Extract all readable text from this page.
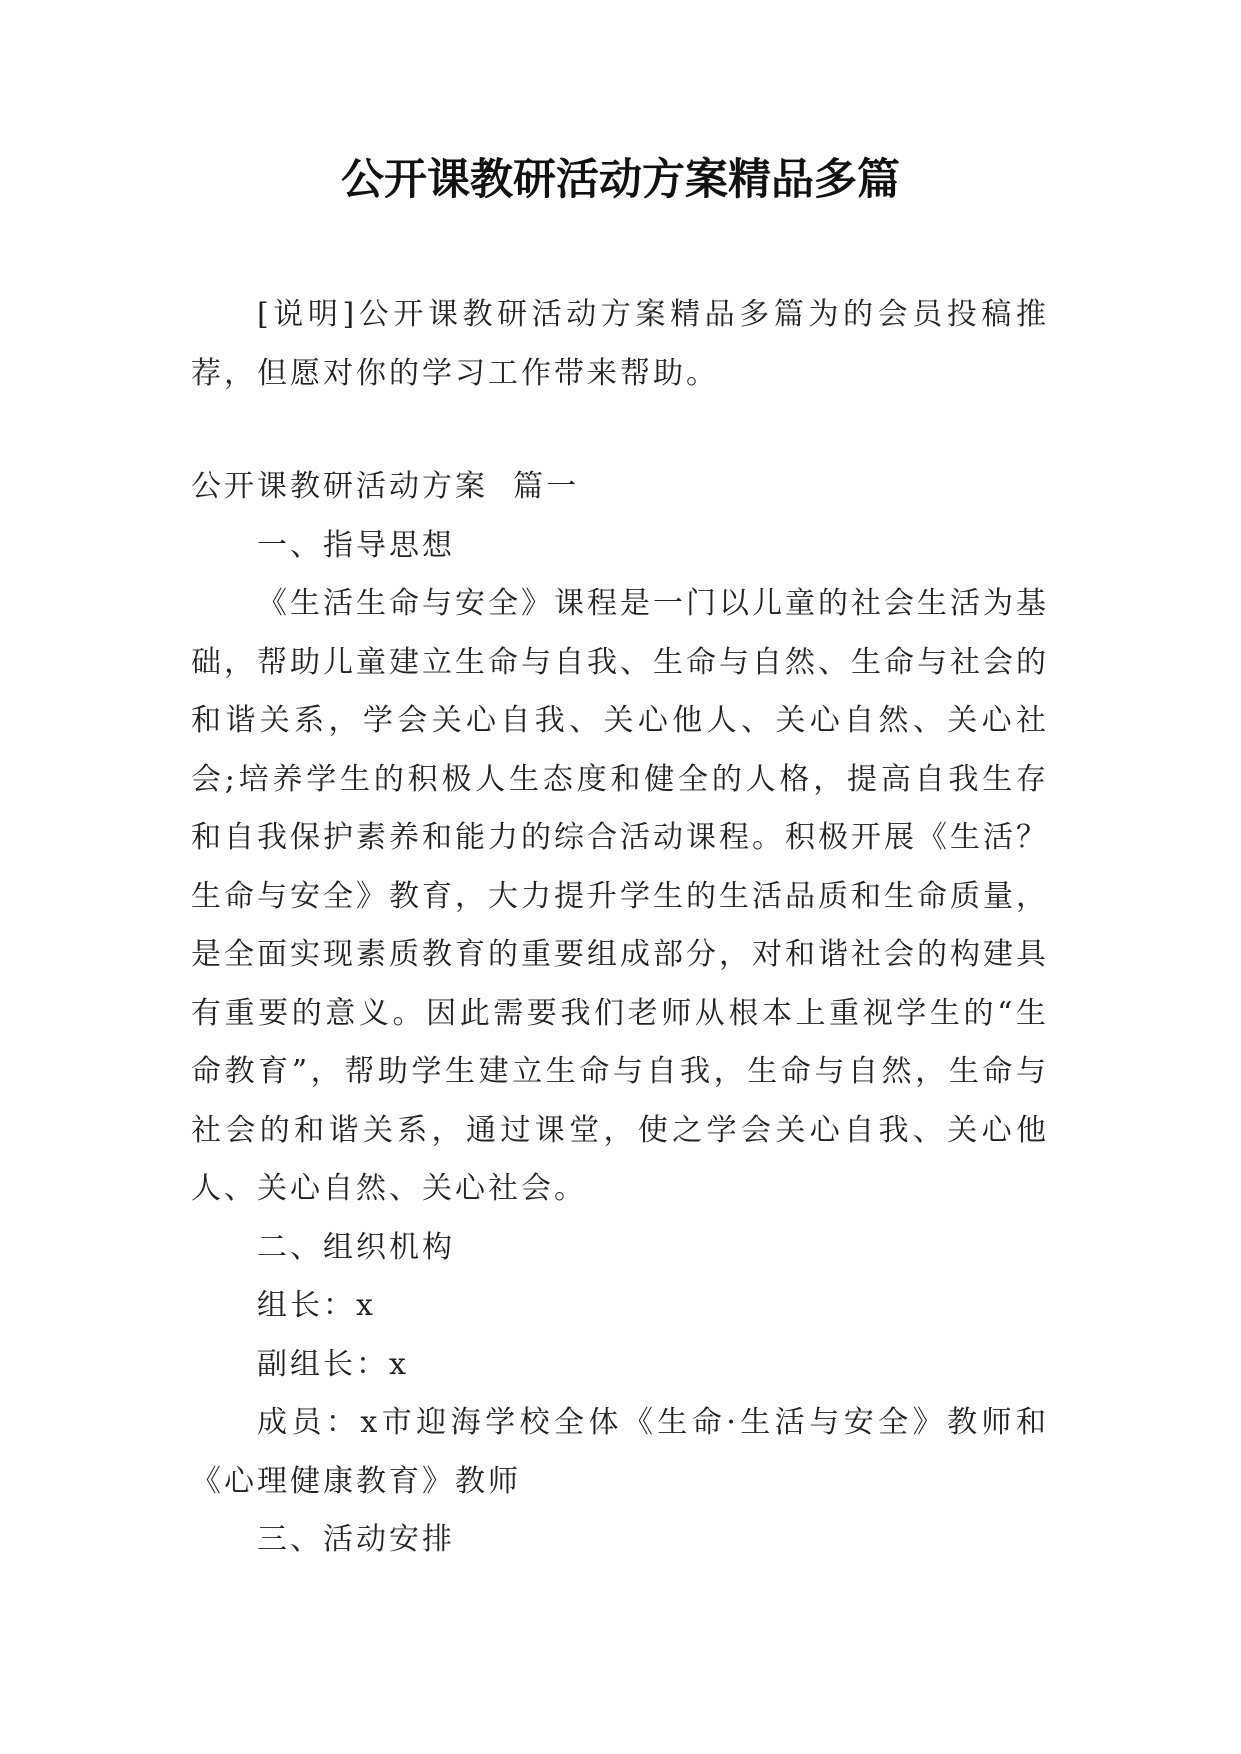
公开课教研活动方案精品多篇

[说明]公开课教研活动方案精品多篇为的会员投稿推荐，但愿对你的学习工作带来帮助。

公开课教研活动方案  篇一

一、指导思想

《生活生命与安全》课程是一门以儿童的社会生活为基础，帮助儿童建立生命与自我、生命与自然、生命与社会的和谐关系，学会关心自我、关心他人、关心自然、关心社会;培养学生的积极人生态度和健全的人格，提高自我生存和自我保护素养和能力的综合活动课程。积极开展《生活？生命与安全》教育，大力提升学生的生活品质和生命质量，是全面实现素质教育的重要组成部分，对和谐社会的构建具有重要的意义。因此需要我们老师从根本上重视学生的“生命教育”，帮助学生建立生命与自我，生命与自然，生命与社会的和谐关系，通过课堂，使之学会关心自我、关心他人、关心自然、关心社会。

二、组织机构

组长：x

副组长：x

成员：x市迎海学校全体《生命·生活与安全》教师和《心理健康教育》教师

三、活动安排
